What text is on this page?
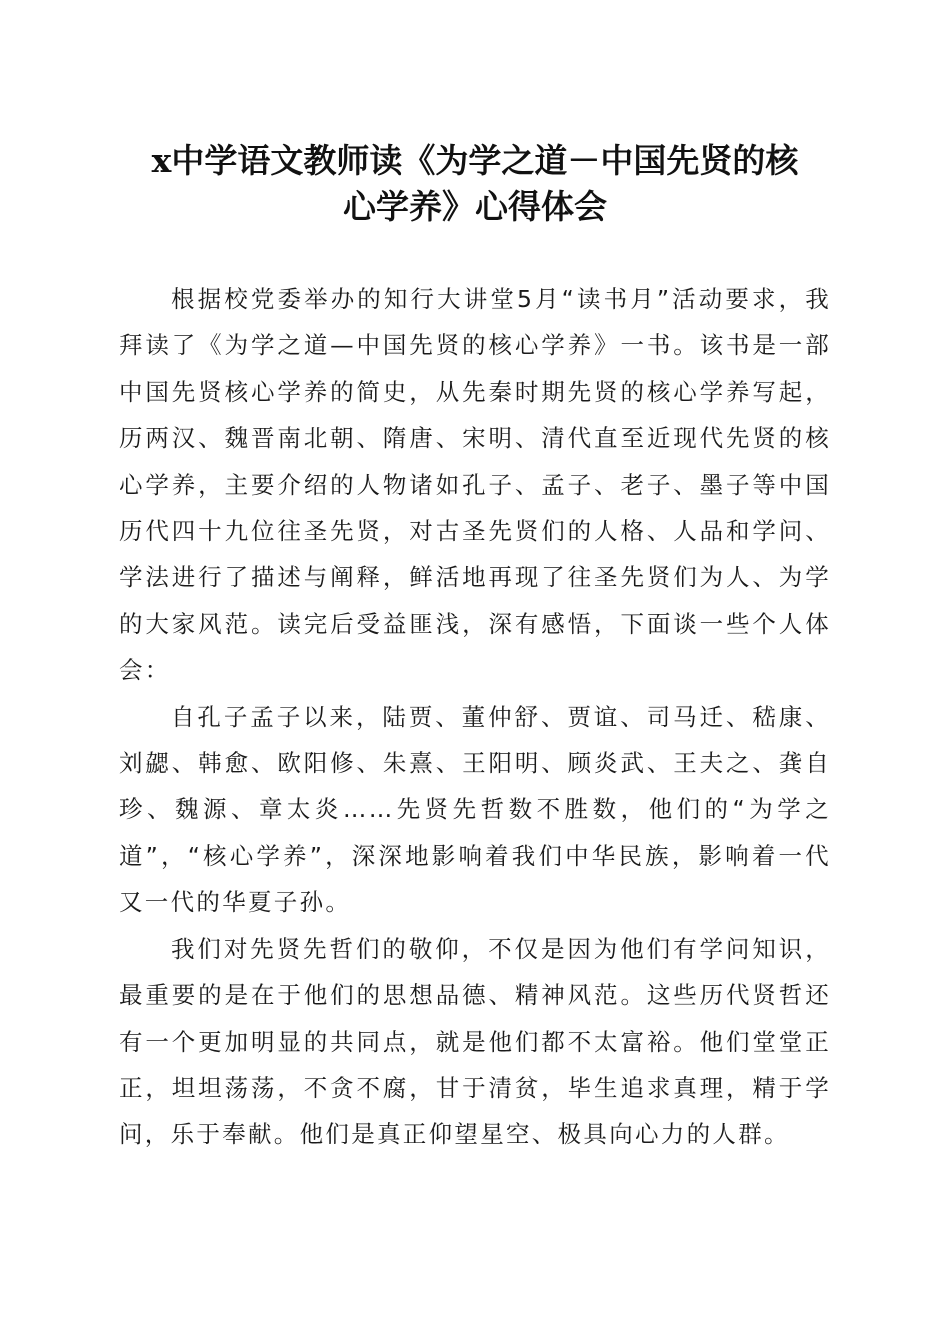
x中学语文教师读《为学之道－中国先贤的核
心学养》心得体会

根据校党委举办的知行大讲堂5月“读书月”活动要求，我拜读了《为学之道—中国先贤的核心学养》一书。该书是一部中国先贤核心学养的简史，从先秦时期先贤的核心学养写起，历两汉、魏晋南北朝、隋唐、宋明、清代直至近现代先贤的核心学养，主要介绍的人物诸如孔子、孟子、老子、墨子等中国历代四十九位往圣先贤，对古圣先贤们的人格、人品和学问、学法进行了描述与阐释，鲜活地再现了往圣先贤们为人、为学的大家风范。读完后受益匪浅，深有感悟，下面谈一些个人体会：

自孔子孟子以来，陆贾、董仲舒、贾谊、司马迁、嵇康、刘勰、韩愈、欧阳修、朱熹、王阳明、顾炎武、王夫之、龚自珍、魏源、章太炎……先贤先哲数不胜数，他们的“为学之道”，“核心学养”，深深地影响着我们中华民族，影响着一代又一代的华夏子孙。

我们对先贤先哲们的敬仰，不仅是因为他们有学问知识，最重要的是在于他们的思想品德、精神风范。这些历代贤哲还有一个更加明显的共同点，就是他们都不太富裕。他们堂堂正正，坦坦荡荡，不贪不腐，甘于清贫，毕生追求真理，精于学问，乐于奉献。他们是真正仰望星空、极具向心力的人群。
